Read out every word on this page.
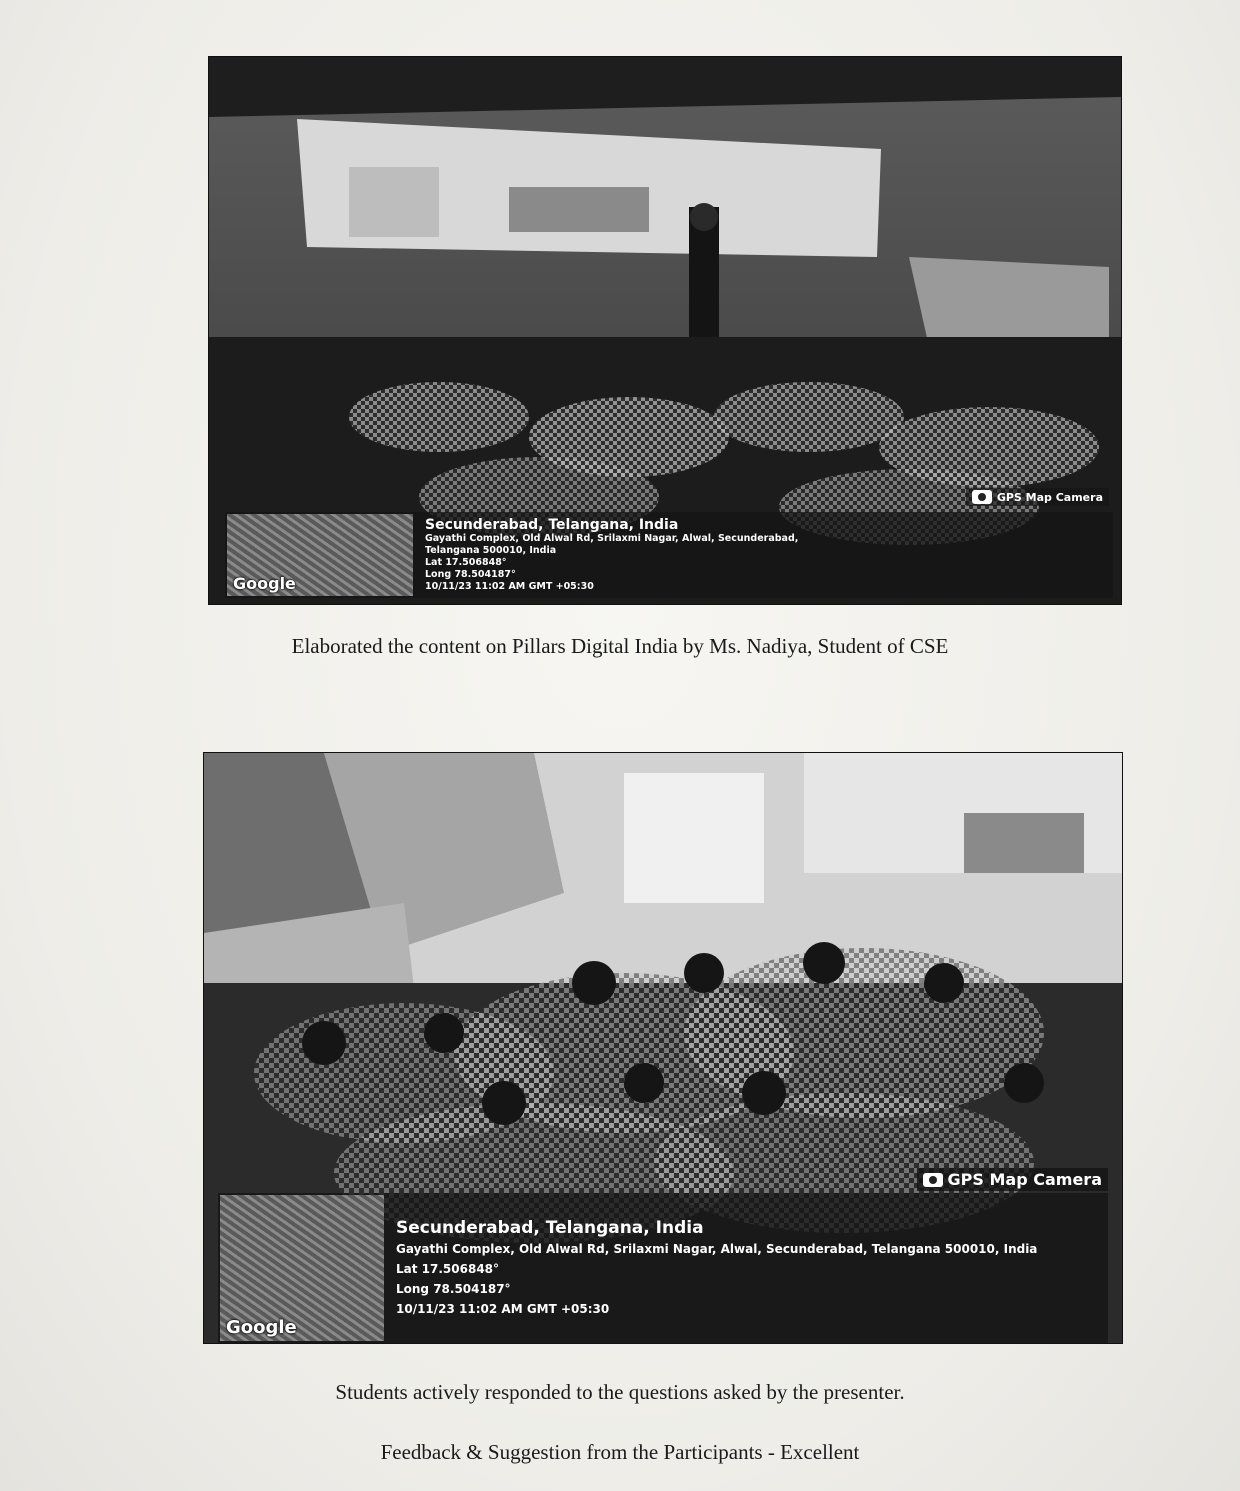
GPS Map Camera
Google
Secunderabad, Telangana, India
Gayathi Complex, Old Alwal Rd, Srilaxmi Nagar, Alwal, Secunderabad,
Telangana 500010, India
Lat 17.506848°
Long 78.504187°
10/11/23 11:02 AM GMT +05:30
Elaborated the content on Pillars Digital India by Ms. Nadiya, Student of CSE
GPS Map Camera
Google
Secunderabad, Telangana, India
Gayathi Complex, Old Alwal Rd, Srilaxmi Nagar, Alwal, Secunderabad, Telangana 500010, India
Lat 17.506848°
Long 78.504187°
10/11/23 11:02 AM GMT +05:30
Students actively responded to the questions asked by the presenter.
Feedback & Suggestion from the Participants - Excellent
